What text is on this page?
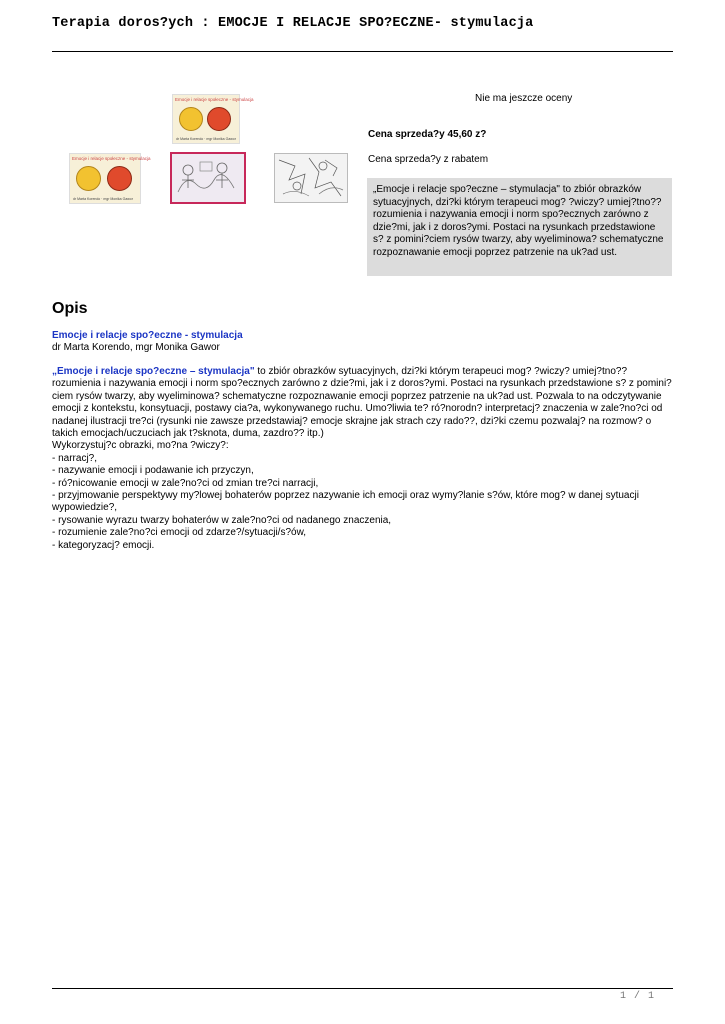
Terapia doros?ych : EMOCJE I RELACJE SPO?ECZNE- stymulacja
Emocje i relacje społeczne - stymulacja
dr Marta Korendo · mgr Monika Gawor
Emocje i relacje społeczne - stymulacja
dr Marta Korendo · mgr Monika Gawor
Nie ma jeszcze oceny
Cena sprzeda?y 45,60 z?
Cena sprzeda?y z rabatem
„Emocje i relacje spo?eczne – stymulacja" to zbiór obrazków sytuacyjnych, dzi?ki którym terapeuci mog? ?wiczy? umiej?tno??rozumienia i nazywania emocji i norm spo?ecznych zarówno z dzie?mi, jak i z doros?ymi. Postaci na rysunkach przedstawione s? z pomini?ciem rysów twarzy, aby wyeliminowa? schematyczne rozpoznawanie emocji poprzez patrzenie na uk?ad ust.
Opis
Emocje i relacje spo?eczne - stymulacja
dr Marta Korendo, mgr Monika Gawor

„Emocje i relacje spo?eczne – stymulacja" to zbiór obrazków sytuacyjnych, dzi?ki którym terapeuci mog? ?wiczy? umiej?tno?? rozumienia i nazywania emocji i norm spo?ecznych zarówno z dzie?mi, jak i z doros?ymi. Postaci na rysunkach przedstawione s? z pomini?ciem rysów twarzy, aby wyeliminowa? schematyczne rozpoznawanie emocji poprzez patrzenie na uk?ad ust. Pozwala to na odczytywanie emocji z kontekstu, konsytuacji, postawy cia?a, wykonywanego ruchu. Umo?liwia te? ró?norodn? interpretacj? znaczenia w zale?no?ci od nadanej ilustracji tre?ci (rysunki nie zawsze przedstawiaj? emocje skrajne jak strach czy rado??, dzi?ki czemu pozwalaj? na rozmow? o takich emocjach/uczuciach jak t?sknota, duma, zazdro?? itp.)

Wykorzystuj?c obrazki, mo?na ?wiczy?:

- narracj?,
- nazywanie emocji i podawanie ich przyczyn,
- ró?nicowanie emocji w zale?no?ci od zmian tre?ci narracji,
- przyjmowanie perspektywy my?lowej bohaterów poprzez nazywanie ich emocji oraz wymy?lanie s?ów, które mog? w danej sytuacji wypowiedzie?,
- rysowanie wyrazu twarzy bohaterów w zale?no?ci od nadanego znaczenia,
- rozumienie zale?no?ci emocji od zdarze?/sytuacji/s?ów,
- kategoryzacj? emocji.
1 / 1
